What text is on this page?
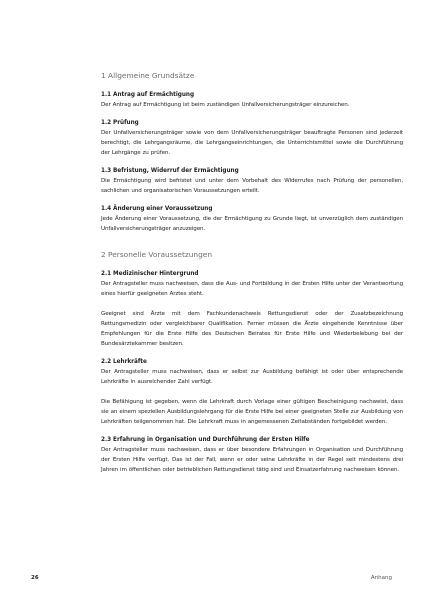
1 Allgemeine Grundsätze
1.1 Antrag auf Ermächtigung

Der Antrag auf Ermächtigung ist beim zuständigen Unfallversicherungsträger einzureichen.

1.2 Prüfung

Der Unfallversicherungsträger sowie von dem Unfallversicherungsträger beauftragte Personen sind jederzeit berechtigt, die Lehrgangsräume, die Lehrgangseinrichtungen, die Unterrichtsmittel sowie die Durchführung der Lehrgänge zu prüfen.

1.3 Befristung, Widerruf der Ermächtigung

Die Ermächtigung wird befristet und unter dem Vorbehalt des Widerrufes nach Prüfung der personellen, sachlichen und organisatorischen Voraussetzungen erteilt.

1.4 Änderung einer Voraussetzung

Jede Änderung einer Voraussetzung, die der Ermächtigung zu Grunde liegt, ist unverzüglich dem zuständigen Unfallversicherungsträger anzuzeigen.

2 Personelle Voraussetzungen
2.1 Medizinischer Hintergrund

Der Antragsteller muss nachweisen, dass die Aus- und Fortbildung in der Ersten Hilfe unter der Verantwortung eines hierfür geeigneten Arztes steht.

Geeignet sind Ärzte mit dem Fachkundenachweis Rettungsdienst oder der Zusatzbezeichnung Rettungsmedizin oder vergleichbarer Qualifikation. Ferner müssen die Ärzte eingehende Kenntnisse über Empfehlungen für die Erste Hilfe des Deutschen Beirates für Erste Hilfe und Wiederbelebung bei der Bundesärztekammer besitzen.

2.2 Lehrkräfte

Der Antragsteller muss nachweisen, dass er selbst zur Ausbildung befähigt ist oder über entsprechende Lehrkräfte in ausreichender Zahl verfügt.

Die Befähigung ist gegeben, wenn die Lehrkraft durch Vorlage einer gültigen Bescheinigung nachweist, dass sie an einem speziellen Ausbildungslehrgang für die Erste Hilfe bei einer geeigneten Stelle zur Ausbildung von Lehrkräften teilgenommen hat. Die Lehrkraft muss in angemessenen Zeitabständen fortgebildet werden.

2.3 Erfahrung in Organisation und Durchführung der Ersten Hilfe

Der Antragsteller muss nachweisen, dass er über besondere Erfahrungen in Organisation und Durchführung der Ersten Hilfe verfügt. Das ist der Fall, wenn er oder seine Lehrkräfte in der Regel seit mindestens drei Jahren im öffentlichen oder betrieblichen Rettungsdienst tätig sind und Einsatzerfahrung nachweisen können.

26	Anhang
